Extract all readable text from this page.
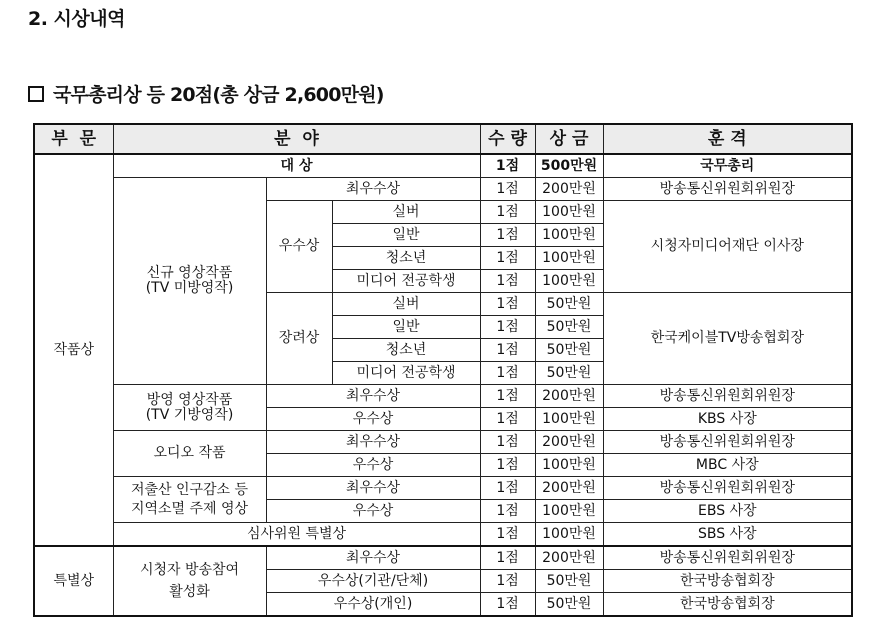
2. 시상내역
국무총리상 등 20점(총 상금 2,600만원)
부  문	분  야			수 량	상 금	훈 격
작품상	대 상			1점	500만원	국무총리
	신규 영상작품
(TV 미방영작)	최우수상		1점	200만원	방송통신위원회위원장
		우수상	실버	1점	100만원	시청자미디어재단 이사장
			일반	1점	100만원	
			청소년	1점	100만원	
			미디어 전공학생	1점	100만원	
		장려상	실버	1점	50만원	한국케이블TV방송협회장
			일반	1점	50만원	
			청소년	1점	50만원	
			미디어 전공학생	1점	50만원	
	방영 영상작품
(TV 기방영작)	최우수상		1점	200만원	방송통신위원회위원장
		우수상		1점	100만원	KBS 사장
	오디오 작품	최우수상		1점	200만원	방송통신위원회위원장
		우수상		1점	100만원	MBC 사장
	저출산 인구감소 등
지역소멸 주제 영상	최우수상		1점	200만원	방송통신위원회위원장
		우수상		1점	100만원	EBS 사장
	심사위원 특별상			1점	100만원	SBS 사장
특별상	시청자 방송참여
활성화	최우수상		1점	200만원	방송통신위원회위원장
		우수상(기관/단체)		1점	50만원	한국방송협회장
		우수상(개인)		1점	50만원	한국방송협회장
